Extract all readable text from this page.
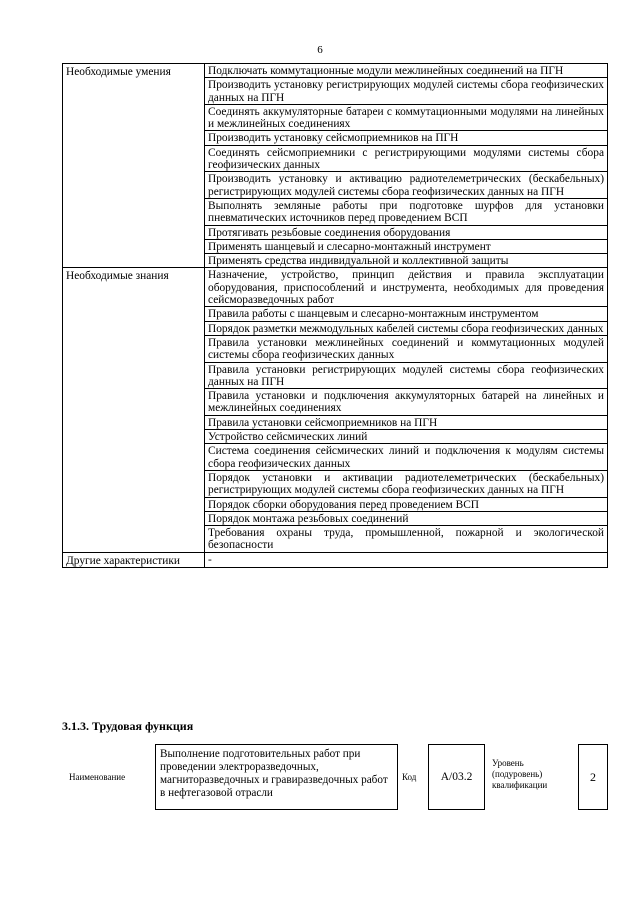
6
Необходимые умения	Подключать коммутационные модули межлинейных соединений на ПГН
	Производить установку регистрирующих модулей системы сбора геофизических данных на ПГН
	Соединять аккумуляторные батареи с коммутационными модулями на линейных и межлинейных соединениях
	Производить установку сейсмоприемников на ПГН
	Соединять сейсмоприемники с регистрирующими модулями системы сбора геофизических данных
	Производить установку и активацию радиотелеметрических (бескабельных) регистрирующих модулей системы сбора геофизических данных на ПГН
	Выполнять земляные работы при подготовке шурфов для установки пневматических источников перед проведением ВСП
	Протягивать резьбовые соединения оборудования
	Применять шанцевый и слесарно-монтажный инструмент
	Применять средства индивидуальной и коллективной защиты
Необходимые знания	Назначение, устройство, принцип действия и правила эксплуатации оборудования, приспособлений и инструмента, необходимых для проведения сейсморазведочных работ
	Правила работы с шанцевым и слесарно-монтажным инструментом
	Порядок разметки межмодульных кабелей системы сбора геофизических данных
	Правила установки межлинейных соединений и коммутационных модулей системы сбора геофизических данных
	Правила установки регистрирующих модулей системы сбора геофизических данных на ПГН
	Правила установки и подключения аккумуляторных батарей на линейных и межлинейных соединениях
	Правила установки сейсмоприемников на ПГН
	Устройство сейсмических линий
	Система соединения сейсмических линий и подключения к модулям системы сбора геофизических данных
	Порядок установки и активации радиотелеметрических (бескабельных) регистрирующих модулей системы сбора геофизических данных на ПГН
	Порядок сборки оборудования перед проведением ВСП
	Порядок монтажа резьбовых соединений
	Требования охраны труда, промышленной, пожарной и экологической безопасности
Другие характеристики	-
3.1.3. Трудовая функция
Наименование
Выполнение подготовительных работ при проведении электроразведочных, магниторазведочных и гравиразведочных работ в нефтегазовой отрасли
Код	А/03.2
Уровень (подуровень) квалификации
2
